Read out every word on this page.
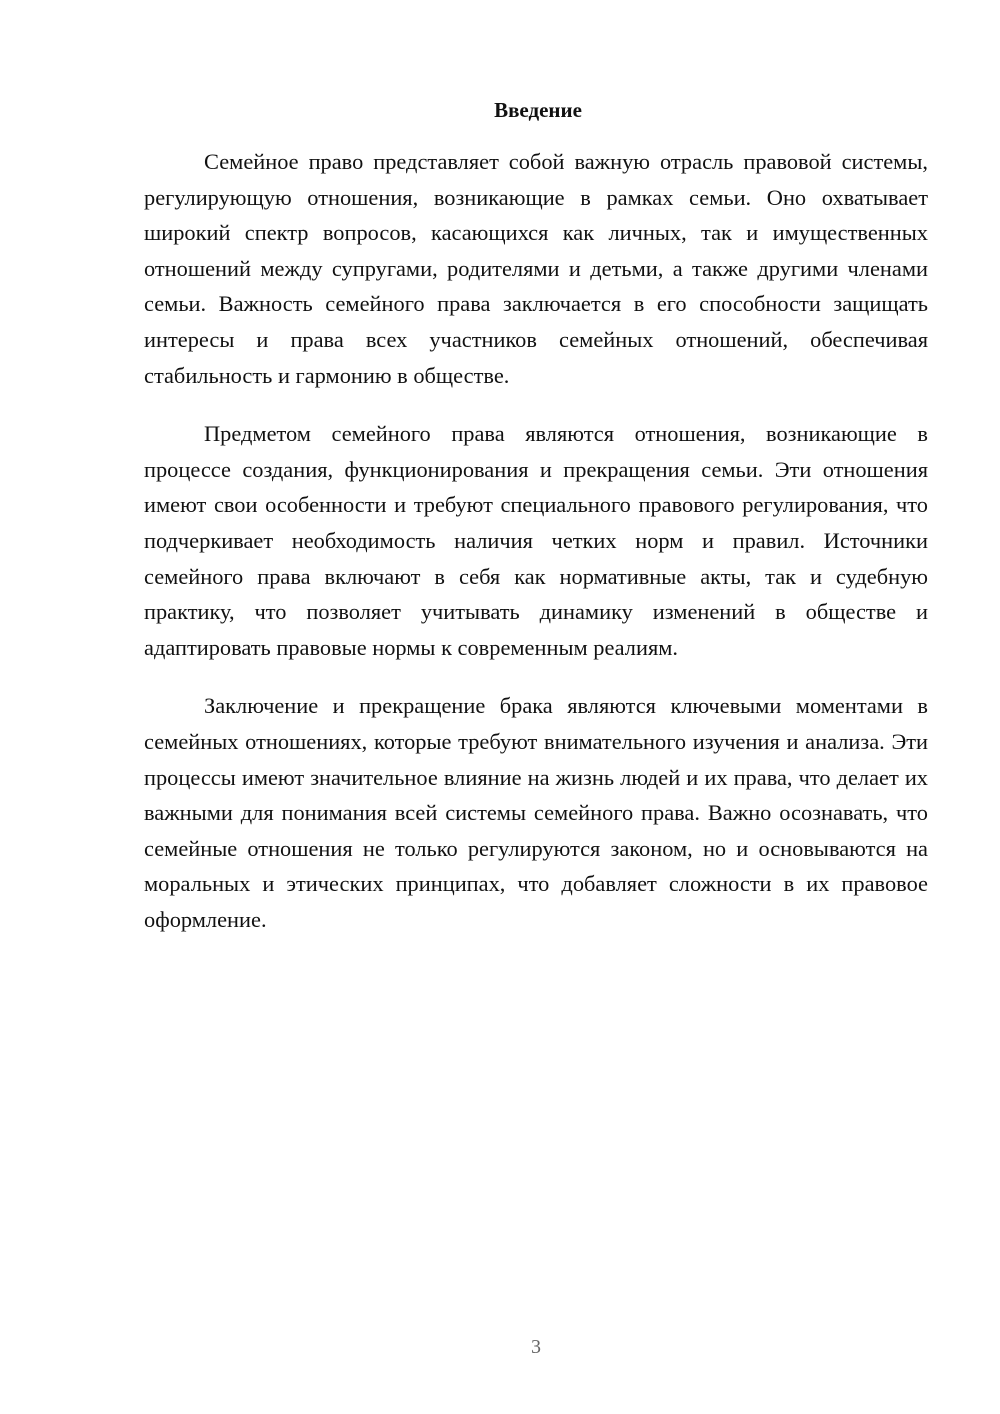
Введение

Семейное право представляет собой важную отрасль правовой системы, регулирующую отношения, возникающие в рамках семьи. Оно охватывает широкий спектр вопросов, касающихся как личных, так и имущественных отношений между супругами, родителями и детьми, а также другими членами семьи. Важность семейного права заключается в его способности защищать интересы и права всех участников семейных отношений, обеспечивая стабильность и гармонию в обществе.

Предметом семейного права являются отношения, возникающие в процессе создания, функционирования и прекращения семьи. Эти отношения имеют свои особенности и требуют специального правового регулирования, что подчеркивает необходимость наличия четких норм и правил. Источники семейного права включают в себя как нормативные акты, так и судебную практику, что позволяет учитывать динамику изменений в обществе и адаптировать правовые нормы к современным реалиям.

Заключение и прекращение брака являются ключевыми моментами в семейных отношениях, которые требуют внимательного изучения и анализа. Эти процессы имеют значительное влияние на жизнь людей и их права, что делает их важными для понимания всей системы семейного права. Важно осознавать, что семейные отношения не только регулируются законом, но и основываются на моральных и этических принципах, что добавляет сложности в их правовое оформление.

3
